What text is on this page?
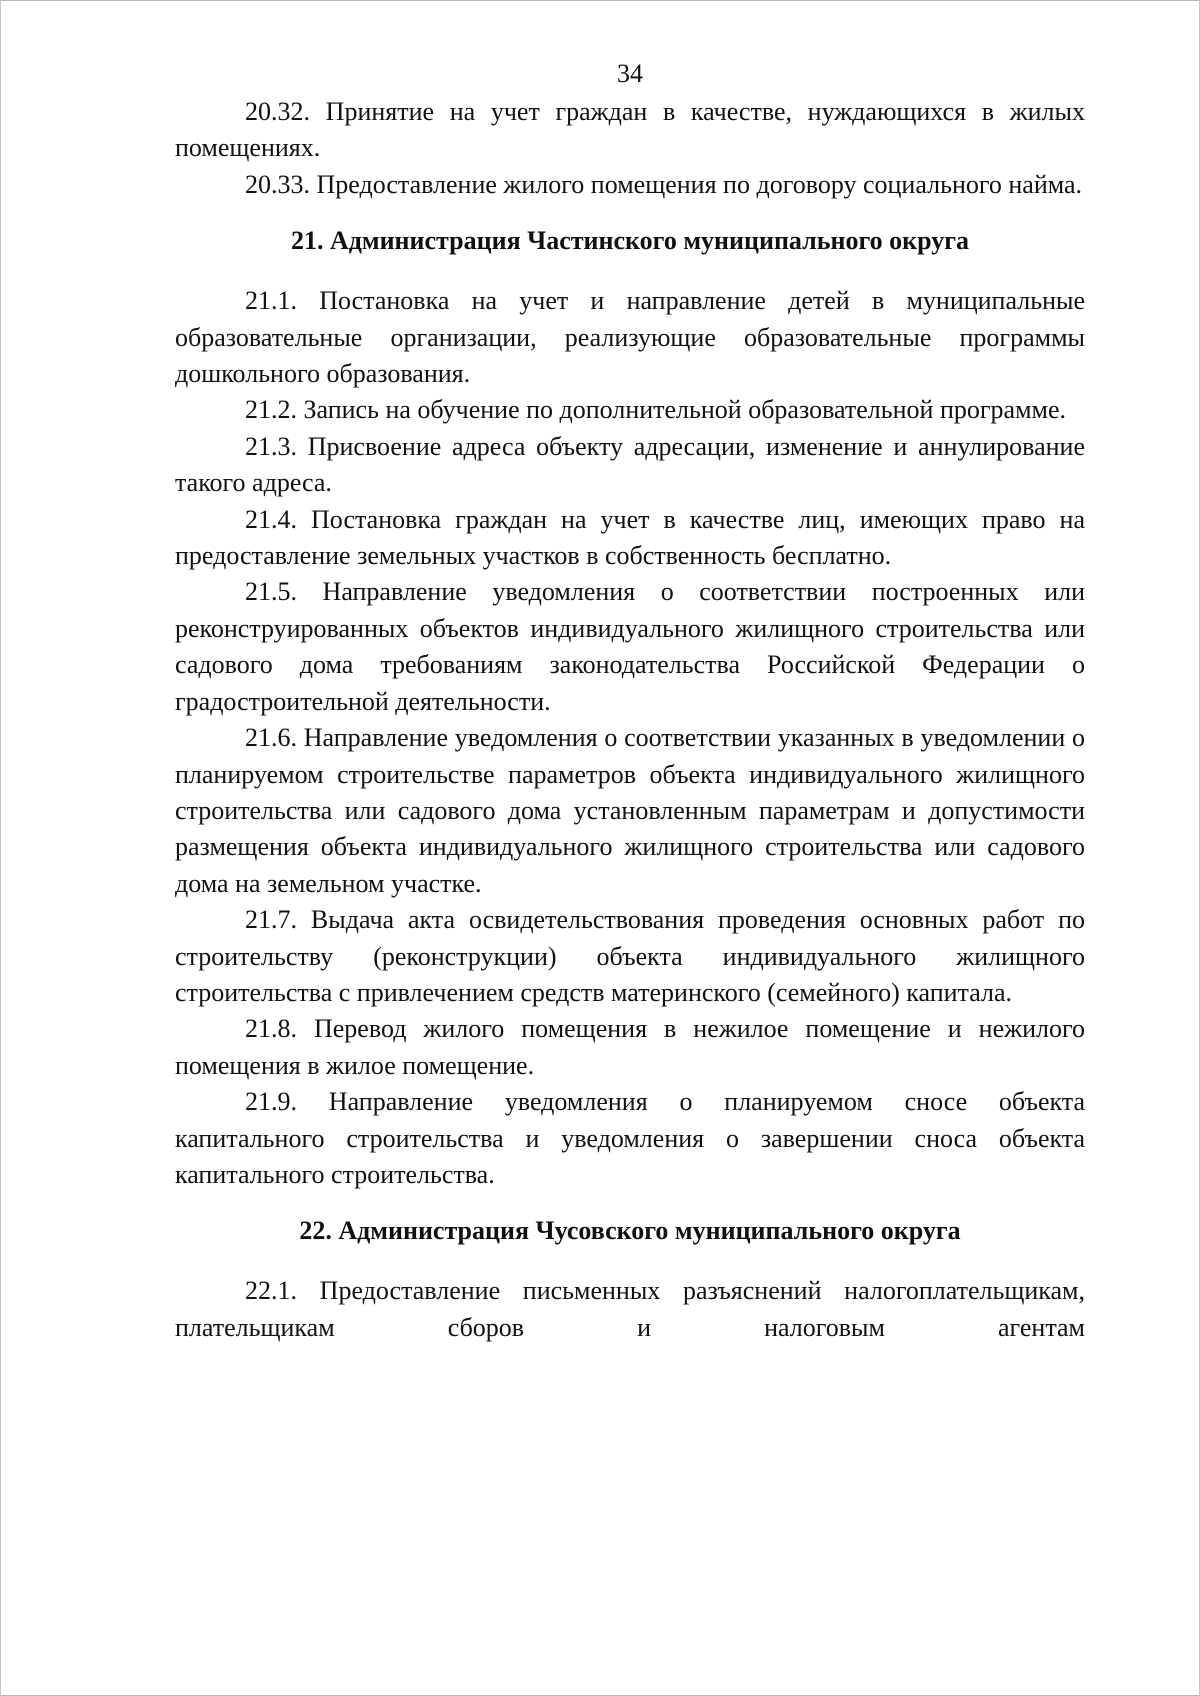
34

20.32. Принятие на учет граждан в качестве, нуждающихся в жилых помещениях.

20.33. Предоставление жилого помещения по договору социального найма.

21. Администрация Частинского муниципального округа

21.1. Постановка на учет и направление детей в муниципальные образовательные организации, реализующие образовательные программы дошкольного образования.

21.2. Запись на обучение по дополнительной образовательной программе.

21.3. Присвоение адреса объекту адресации, изменение и аннулирование такого адреса.

21.4. Постановка граждан на учет в качестве лиц, имеющих право на предоставление земельных участков в собственность бесплатно.

21.5. Направление уведомления о соответствии построенных или реконструированных объектов индивидуального жилищного строительства или садового дома требованиям законодательства Российской Федерации о градостроительной деятельности.

21.6. Направление уведомления о соответствии указанных в уведомлении о планируемом строительстве параметров объекта индивидуального жилищного строительства или садового дома установленным параметрам и допустимости размещения объекта индивидуального жилищного строительства или садового дома на земельном участке.

21.7. Выдача акта освидетельствования проведения основных работ по строительству (реконструкции) объекта индивидуального жилищного строительства с привлечением средств материнского (семейного) капитала.

21.8. Перевод жилого помещения в нежилое помещение и нежилого помещения в жилое помещение.

21.9. Направление уведомления о планируемом сносе объекта капитального строительства и уведомления о завершении сноса объекта капитального строительства.

22. Администрация Чусовского муниципального округа

22.1. Предоставление письменных разъяснений налогоплательщикам, плательщикам сборов и налоговым агентам
